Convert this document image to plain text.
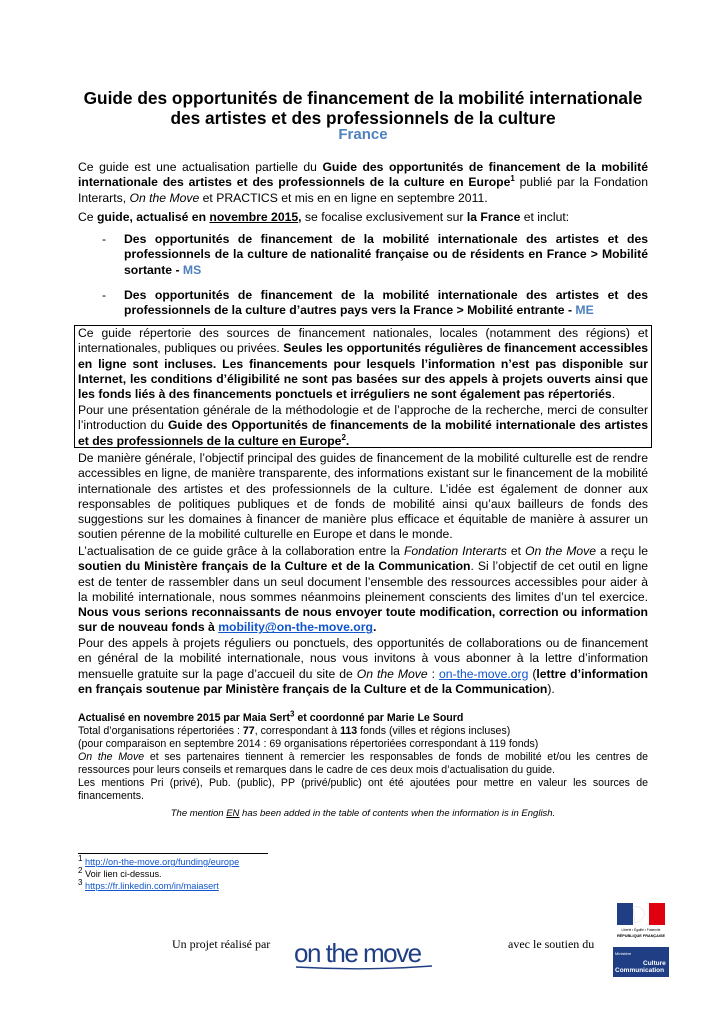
Guide des opportunités de financement de la mobilité internationale
des artistes et des professionnels de la culture
France
Ce guide est une actualisation partielle du Guide des opportunités de financement de la mobilité
internationale des artistes et des professionnels de la culture en Europe$^1$ publié par la Fondation
Interarts, On the Move et PRACTICS et mis en en ligne en septembre 2011.
Ce guide, actualisé en novembre 2015, se focalise exclusivement sur la France et inclut:
- Des opportunités de financement de la mobilité internationale des artistes et des
professionnels de la culture de nationalité française ou de résidents en France > Mobilité
sortante - MS
- Des opportunités de financement de la mobilité internationale des artistes et des
professionnels de la culture d’autres pays vers la France > Mobilité entrante - ME
Ce guide répertorie des sources de financement nationales, locales (notamment des régions) et
internationales, publiques ou privées. Seules les opportunités régulières de financement accessibles
en ligne sont incluses. Les financements pour lesquels l’information n’est pas disponible sur
Internet, les conditions d’éligibilité ne sont pas basées sur des appels à projets ouverts ainsi que
les fonds liés à des financements ponctuels et irréguliers ne sont également pas répertoriés.
Pour une présentation générale de la méthodologie et de l’approche de la recherche, merci de consulter
l’introduction du Guide des Opportunités de financements de la mobilité internationale des artistes
et des professionnels de la culture en Europe$^2$.
De manière générale, l’objectif principal des guides de financement de la mobilité culturelle est de rendre
accessibles en ligne, de manière transparente, des informations existant sur le financement de la mobilité
internationale des artistes et des professionnels de la culture. L’idée est également de donner aux
responsables de politiques publiques et de fonds de mobilité ainsi qu’aux bailleurs de fonds des
suggestions sur les domaines à financer de manière plus efficace et équitable de manière à assurer un
soutien pérenne de la mobilité culturelle en Europe et dans le monde.
L’actualisation de ce guide grâce à la collaboration entre la Fondation Interarts et On the Move a reçu le
soutien du Ministère français de la Culture et de la Communication. Si l’objectif de cet outil en ligne
est de tenter de rassembler dans un seul document l’ensemble des ressources accessibles pour aider à
la mobilité internationale, nous sommes néanmoins pleinement conscients des limites d’un tel exercice.
Nous vous serions reconnaissants de nous envoyer toute modification, correction ou information
sur de nouveau fonds à mobility@on-the-move.org.
Pour des appels à projets réguliers ou ponctuels, des opportunités de collaborations ou de financement
en général de la mobilité internationale, nous vous invitons à vous abonner à la lettre d’information
mensuelle gratuite sur la page d’accueil du site de On the Move : on-the-move.org (lettre d’information
en français soutenue par Ministère français de la Culture et de la Communication).
Actualisé en novembre 2015 par Maia Sert$^3$ et coordonné par Marie Le Sourd
Total d’organisations répertoriées : 77, correspondant à 113 fonds (villes et régions incluses)
(pour comparaison en septembre 2014 : 69 organisations répertoriées correspondant à 119 fonds)
On the Move et ses partenaires tiennent à remercier les responsables de fonds de mobilité et/ou les centres de
ressources pour leurs conseils et remarques dans le cadre de ces deux mois d’actualisation du guide.

Les mentions Pri (privé), Pub. (public), PP (privé/public) ont été ajoutées pour mettre en valeur les sources de
financements.
The mention EN has been added in the table of contents when the information is in English.
$^1$ http://on-the-move.org/funding/europe
$^2$ Voir lien ci-dessus.
$^3$ https://fr.linkedin.com/in/maiasert
Un projet réalisé par on the move	avec le soutien du
Liberté • Égalité • Fraternité
RÉPUBLIQUE FRANÇAISE
Ministère
Culture
Communication
